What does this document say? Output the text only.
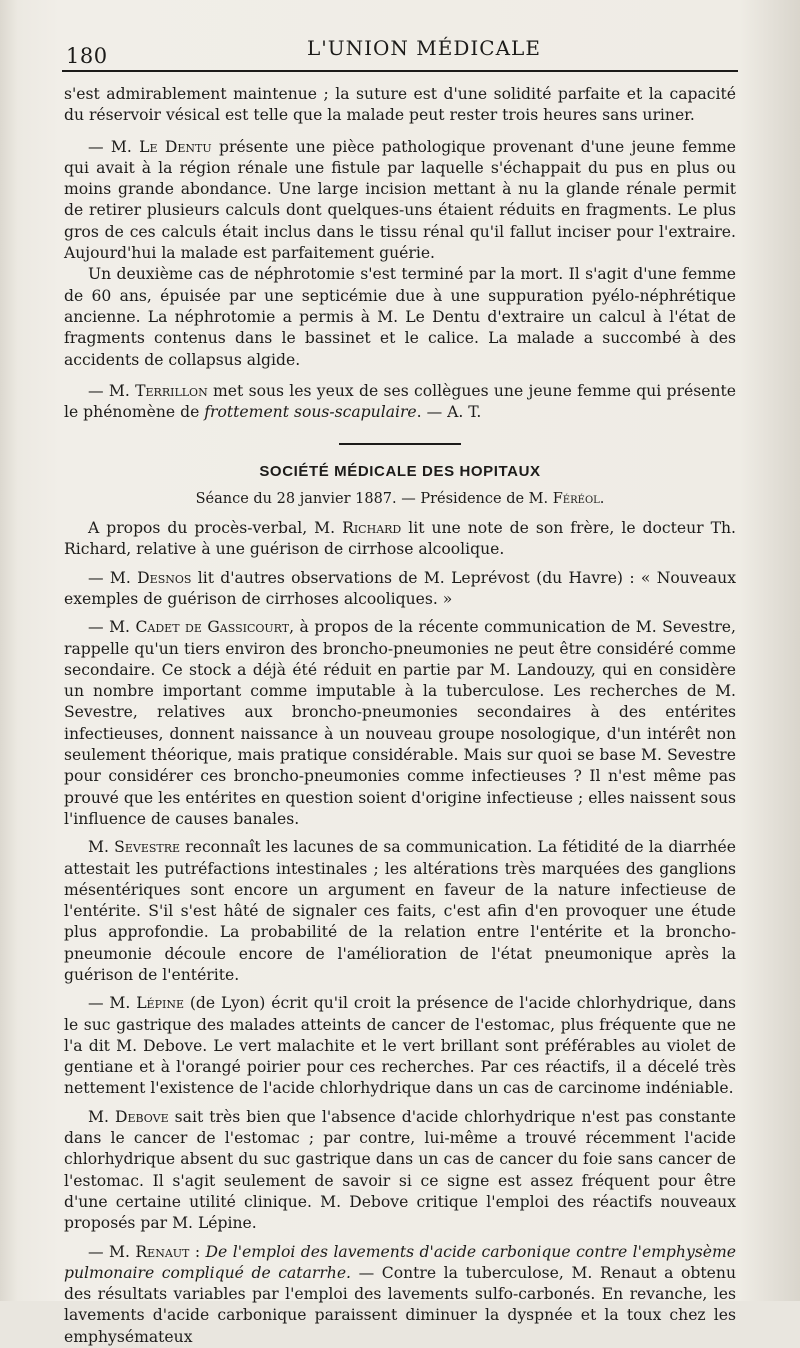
180	L'UNION MÉDICALE

s'est admirablement maintenue ; la suture est d'une solidité parfaite et la capacité du réservoir vésical est telle que la malade peut rester trois heures sans uriner.

— M. Le Dentu présente une pièce pathologique provenant d'une jeune femme qui avait à la région rénale une fistule par laquelle s'échappait du pus en plus ou moins grande abondance. Une large incision mettant à nu la glande rénale permit de retirer plusieurs calculs dont quelques-uns étaient réduits en fragments. Le plus gros de ces calculs était inclus dans le tissu rénal qu'il fallut inciser pour l'extraire. Aujourd'hui la malade est parfaitement guérie.

Un deuxième cas de néphrotomie s'est terminé par la mort. Il s'agit d'une femme de 60 ans, épuisée par une septicémie due à une suppuration pyélo-néphrétique ancienne. La néphrotomie a permis à M. Le Dentu d'extraire un calcul à l'état de fragments contenus dans le bassinet et le calice. La malade a succombé à des accidents de collapsus algide.

— M. Terrillon met sous les yeux de ses collègues une jeune femme qui présente le phénomène de frottement sous-scapulaire. — A. T.

SOCIÉTÉ MÉDICALE DES HOPITAUX
Séance du 28 janvier 1887. — Présidence de M. Féréol.

A propos du procès-verbal, M. Richard lit une note de son frère, le docteur Th. Richard, relative à une guérison de cirrhose alcoolique.

— M. Desnos lit d'autres observations de M. Leprévost (du Havre) : « Nouveaux exemples de guérison de cirrhoses alcooliques. »

— M. Cadet de Gassicourt, à propos de la récente communication de M. Sevestre, rappelle qu'un tiers environ des broncho-pneumonies ne peut être considéré comme secondaire. Ce stock a déjà été réduit en partie par M. Landouzy, qui en considère un nombre important comme imputable à la tuberculose. Les recherches de M. Sevestre, relatives aux broncho-pneumonies secondaires à des entérites infectieuses, donnent naissance à un nouveau groupe nosologique, d'un intérêt non seulement théorique, mais pratique considérable. Mais sur quoi se base M. Sevestre pour considérer ces broncho-pneumonies comme infectieuses ? Il n'est même pas prouvé que les entérites en question soient d'origine infectieuse ; elles naissent sous l'influence de causes banales.

M. Sevestre reconnaît les lacunes de sa communication. La fétidité de la diarrhée attestait les putréfactions intestinales ; les altérations très marquées des ganglions mésentériques sont encore un argument en faveur de la nature infectieuse de l'entérite. S'il s'est hâté de signaler ces faits, c'est afin d'en provoquer une étude plus approfondie. La probabilité de la relation entre l'entérite et la broncho-pneumonie découle encore de l'amélioration de l'état pneumonique après la guérison de l'entérite.

— M. Lépine (de Lyon) écrit qu'il croit la présence de l'acide chlorhydrique, dans le suc gastrique des malades atteints de cancer de l'estomac, plus fréquente que ne l'a dit M. Debove. Le vert malachite et le vert brillant sont préférables au violet de gentiane et à l'orangé poirier pour ces recherches. Par ces réactifs, il a décelé très nettement l'existence de l'acide chlorhydrique dans un cas de carcinome indéniable.

M. Debove sait très bien que l'absence d'acide chlorhydrique n'est pas constante dans le cancer de l'estomac ; par contre, lui-même a trouvé récemment l'acide chlorhydrique absent du suc gastrique dans un cas de cancer du foie sans cancer de l'estomac. Il s'agit seulement de savoir si ce signe est assez fréquent pour être d'une certaine utilité clinique. M. Debove critique l'emploi des réactifs nouveaux proposés par M. Lépine.

— M. Renaut : De l'emploi des lavements d'acide carbonique contre l'emphysème pulmonaire compliqué de catarrhe. — Contre la tuberculose, M. Renaut a obtenu des résultats variables par l'emploi des lavements sulfo-carbonés. En revanche, les lavements d'acide carbonique paraissent diminuer la dyspnée et la toux chez les emphysémateux
